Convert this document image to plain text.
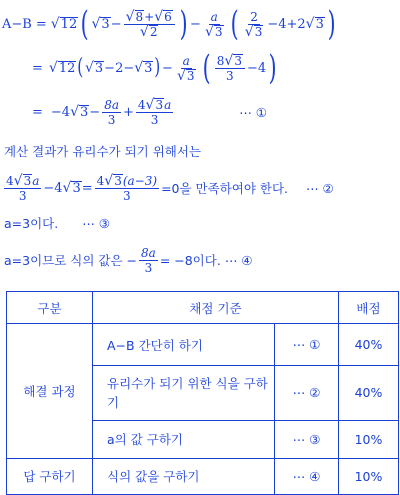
A−B = √ 12 ( √ $3 - \frac{√ 8 + √ 6}{√ 2}$ ) − $\frac{a}{√ 3}$ ( $\frac{2}{√ 3} -4+2$ √ 3 )
= √ 12 ( √ 3 −2− √ 3 ) − $\frac{a}{√ 3}$ ( $\frac{8 √ 3}{3} -4$ )
= −4 √ $3 - \frac{8a}{3} + \frac{4 √ 3 a}{3}$	⋯ ①
계산 결과가 유리수가 되기 위해서는
$\frac{4 √ 3 a}{3} -4$ √ $3 = \frac{4 √ 3 (a-3)}{3} =0$을 만족하여야 한다. ⋯ ②
a=3이다. ⋯ ③
a=3이므로 식의 값은 − $\frac{8a}{3} = -8$이다. ⋯ ④
구분	채점 기준		배점
해결 과정	A−B 간단히 하기	⋯ ①	40%
	유리수가 되기 위한 식을 구하기	⋯ ②	40%
	a의 값 구하기	⋯ ③	10%
답 구하기	식의 값을 구하기	⋯ ④	10%
